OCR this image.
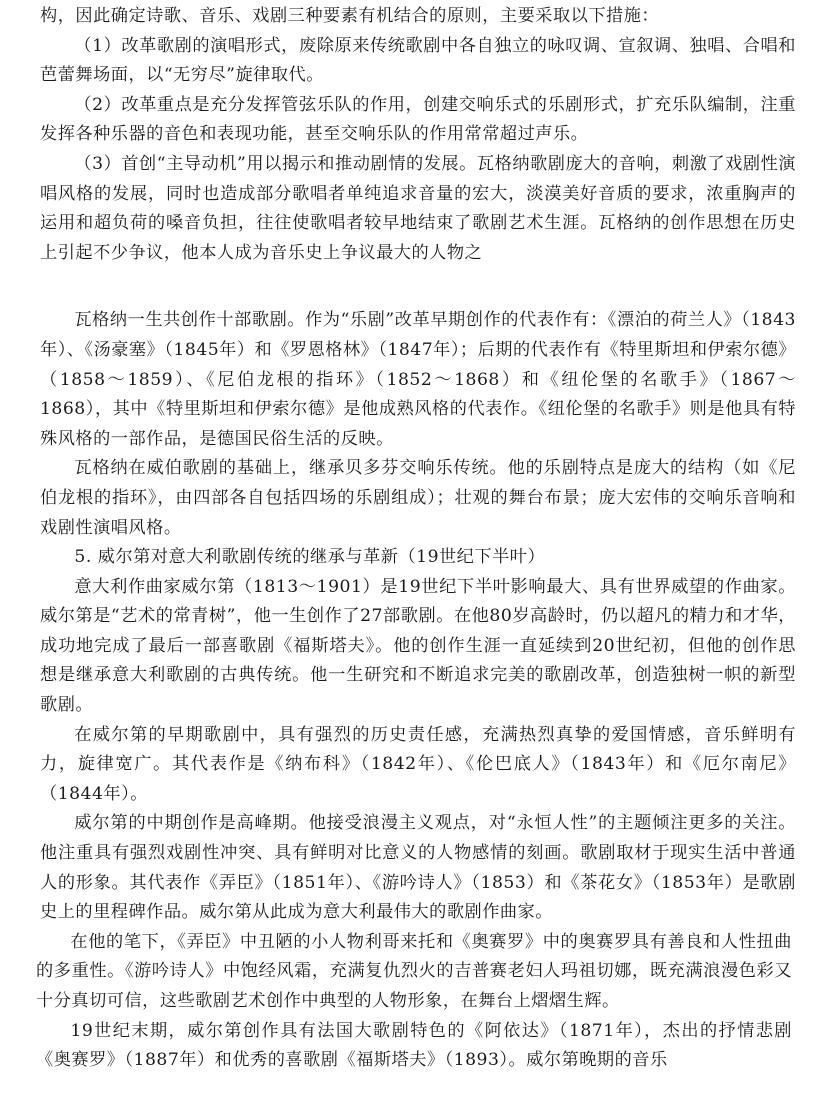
构，因此确定诗歌、音乐、戏剧三种要素有机结合的原则，主要采取以下措施：

（1）改革歌剧的演唱形式，废除原来传统歌剧中各自独立的咏叹调、宣叙调、独唱、合唱和芭蕾舞场面，以“无穷尽”旋律取代。

（2）改革重点是充分发挥管弦乐队的作用，创建交响乐式的乐剧形式，扩充乐队编制，注重发挥各种乐器的音色和表现功能，甚至交响乐队的作用常常超过声乐。

（3）首创“主导动机”用以揭示和推动剧情的发展。瓦格纳歌剧庞大的音响，刺激了戏剧性演唱风格的发展，同时也造成部分歌唱者单纯追求音量的宏大，淡漠美好音质的要求，浓重胸声的运用和超负荷的嗓音负担，往往使歌唱者较早地结束了歌剧艺术生涯。瓦格纳的创作思想在历史上引起不少争议，他本人成为音乐史上争议最大的人物之

瓦格纳一生共创作十部歌剧。作为“乐剧”改革早期创作的代表作有：《漂泊的荷兰人》（1843年）、《汤豪塞》（1845年）和《罗恩格林》（1847年）；后期的代表作有《特里斯坦和伊索尔德》（1858～1859）、《尼伯龙根的指环》（1852～1868）和《纽伦堡的名歌手》（1867～1868），其中《特里斯坦和伊索尔德》是他成熟风格的代表作。《纽伦堡的名歌手》则是他具有特殊风格的一部作品，是德国民俗生活的反映。

瓦格纳在威伯歌剧的基础上，继承贝多芬交响乐传统。他的乐剧特点是庞大的结构（如《尼伯龙根的指环》，由四部各自包括四场的乐剧组成）；壮观的舞台布景；庞大宏伟的交响乐音响和戏剧性演唱风格。

5. 威尔第对意大利歌剧传统的继承与革新（19世纪下半叶）

意大利作曲家威尔第（1813～1901）是19世纪下半叶影响最大、具有世界威望的作曲家。威尔第是“艺术的常青树”，他一生创作了27部歌剧。在他80岁高龄时，仍以超凡的精力和才华，成功地完成了最后一部喜歌剧《福斯塔夫》。他的创作生涯一直延续到20世纪初，但他的创作思想是继承意大利歌剧的古典传统。他一生研究和不断追求完美的歌剧改革，创造独树一帜的新型歌剧。

在威尔第的早期歌剧中，具有强烈的历史责任感，充满热烈真挚的爱国情感，音乐鲜明有力，旋律宽广。其代表作是《纳布科》（1842年）、《伦巴底人》（1843年）和《厄尔南尼》（1844年）。

威尔第的中期创作是高峰期。他接受浪漫主义观点，对“永恒人性”的主题倾注更多的关注。他注重具有强烈戏剧性冲突、具有鲜明对比意义的人物感情的刻画。歌剧取材于现实生活中普通人的形象。其代表作《弄臣》（1851年）、《游吟诗人》（1853）和《茶花女》（1853年）是歌剧史上的里程碑作品。威尔第从此成为意大利最伟大的歌剧作曲家。

在他的笔下，《弄臣》中丑陋的小人物利哥来托和《奥赛罗》中的奥赛罗具有善良和人性扭曲的多重性。《游吟诗人》中饱经风霜，充满复仇烈火的吉普赛老妇人玛祖切娜，既充满浪漫色彩又十分真切可信，这些歌剧艺术创作中典型的人物形象，在舞台上熠熠生辉。

19世纪末期，威尔第创作具有法国大歌剧特色的《阿依达》（1871年），杰出的抒情悲剧《奥赛罗》（1887年）和优秀的喜歌剧《福斯塔夫》（1893）。威尔第晚期的音乐
